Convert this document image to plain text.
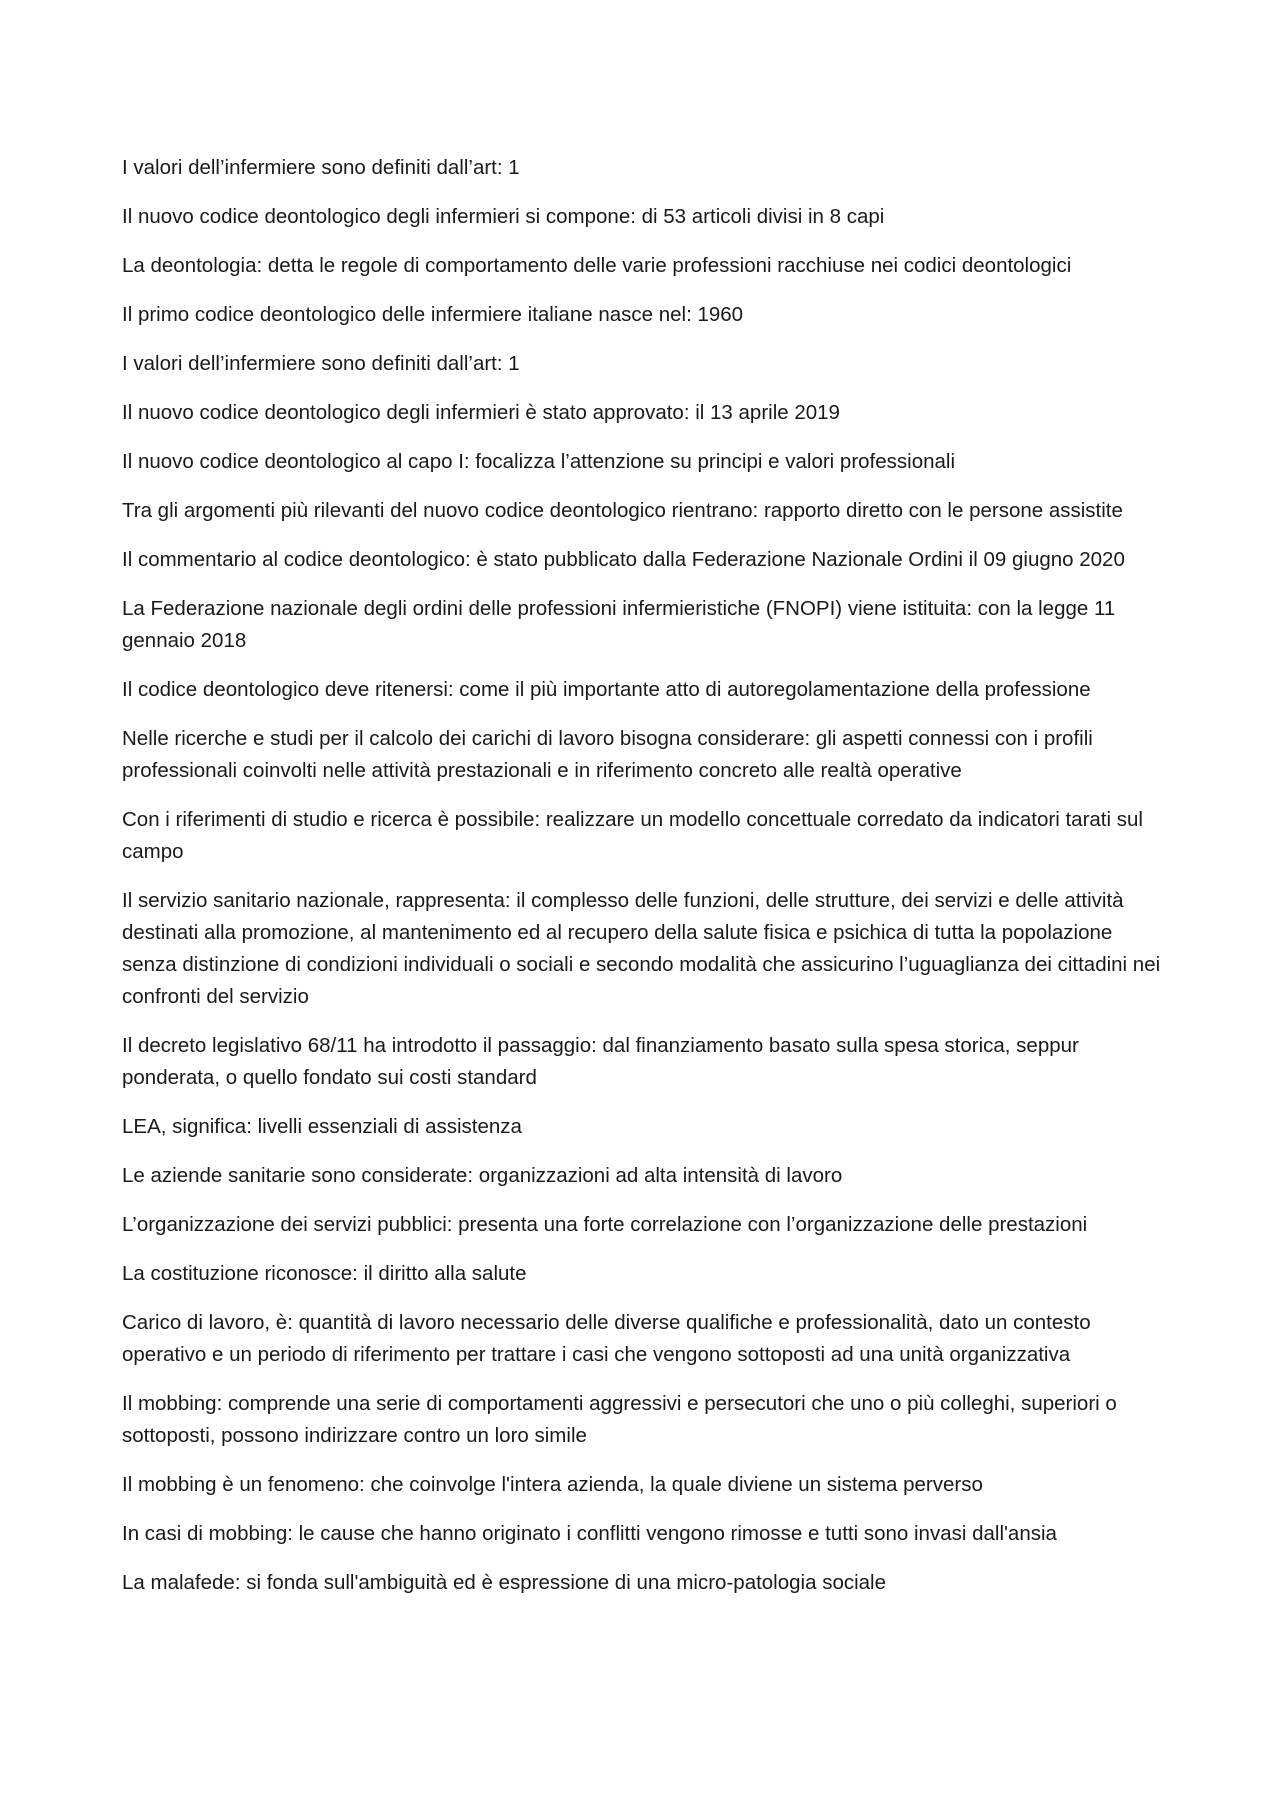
I valori dell’infermiere sono definiti dall’art: 1

Il nuovo codice deontologico degli infermieri si compone: di 53 articoli divisi in 8 capi

La deontologia: detta le regole di comportamento delle varie professioni racchiuse nei codici deontologici

Il primo codice deontologico delle infermiere italiane nasce nel: 1960

I valori dell’infermiere sono definiti dall’art: 1

Il nuovo codice deontologico degli infermieri è stato approvato: il 13 aprile 2019

Il nuovo codice deontologico al capo I: focalizza l’attenzione su principi e valori professionali

Tra gli argomenti più rilevanti del nuovo codice deontologico rientrano: rapporto diretto con le persone assistite

Il commentario al codice deontologico: è stato pubblicato dalla Federazione Nazionale Ordini il 09 giugno 2020

La Federazione nazionale degli ordini delle professioni infermieristiche (FNOPI) viene istituita: con la legge 11 gennaio 2018

Il codice deontologico deve ritenersi: come il più importante atto di autoregolamentazione della professione

Nelle ricerche e studi per il calcolo dei carichi di lavoro bisogna considerare: gli aspetti connessi con i profili professionali coinvolti nelle attività prestazionali e in riferimento concreto alle realtà operative

Con i riferimenti di studio e ricerca è possibile: realizzare un modello concettuale corredato da indicatori tarati sul campo

Il servizio sanitario nazionale, rappresenta: il complesso delle funzioni, delle strutture, dei servizi e delle attività destinati alla promozione, al mantenimento ed al recupero della salute fisica e psichica di tutta la popolazione senza distinzione di condizioni individuali o sociali e secondo modalità che assicurino l’uguaglianza dei cittadini nei confronti del servizio

Il decreto legislativo 68/11 ha introdotto il passaggio: dal finanziamento basato sulla spesa storica, seppur ponderata, o quello fondato sui costi standard

LEA, significa: livelli essenziali di assistenza

Le aziende sanitarie sono considerate: organizzazioni ad alta intensità di lavoro

L’organizzazione dei servizi pubblici: presenta una forte correlazione con l’organizzazione delle prestazioni

La costituzione riconosce: il diritto alla salute

Carico di lavoro, è: quantità di lavoro necessario delle diverse qualifiche e professionalità, dato un contesto operativo e un periodo di riferimento per trattare i casi che vengono sottoposti ad una unità organizzativa

Il mobbing: comprende una serie di comportamenti aggressivi e persecutori che uno o più colleghi, superiori o sottoposti, possono indirizzare contro un loro simile

Il mobbing è un fenomeno: che coinvolge l'intera azienda, la quale diviene un sistema perverso

In casi di mobbing: le cause che hanno originato i conflitti vengono rimosse e tutti sono invasi dall'ansia

La malafede: si fonda sull'ambiguità ed è espressione di una micro-patologia sociale
